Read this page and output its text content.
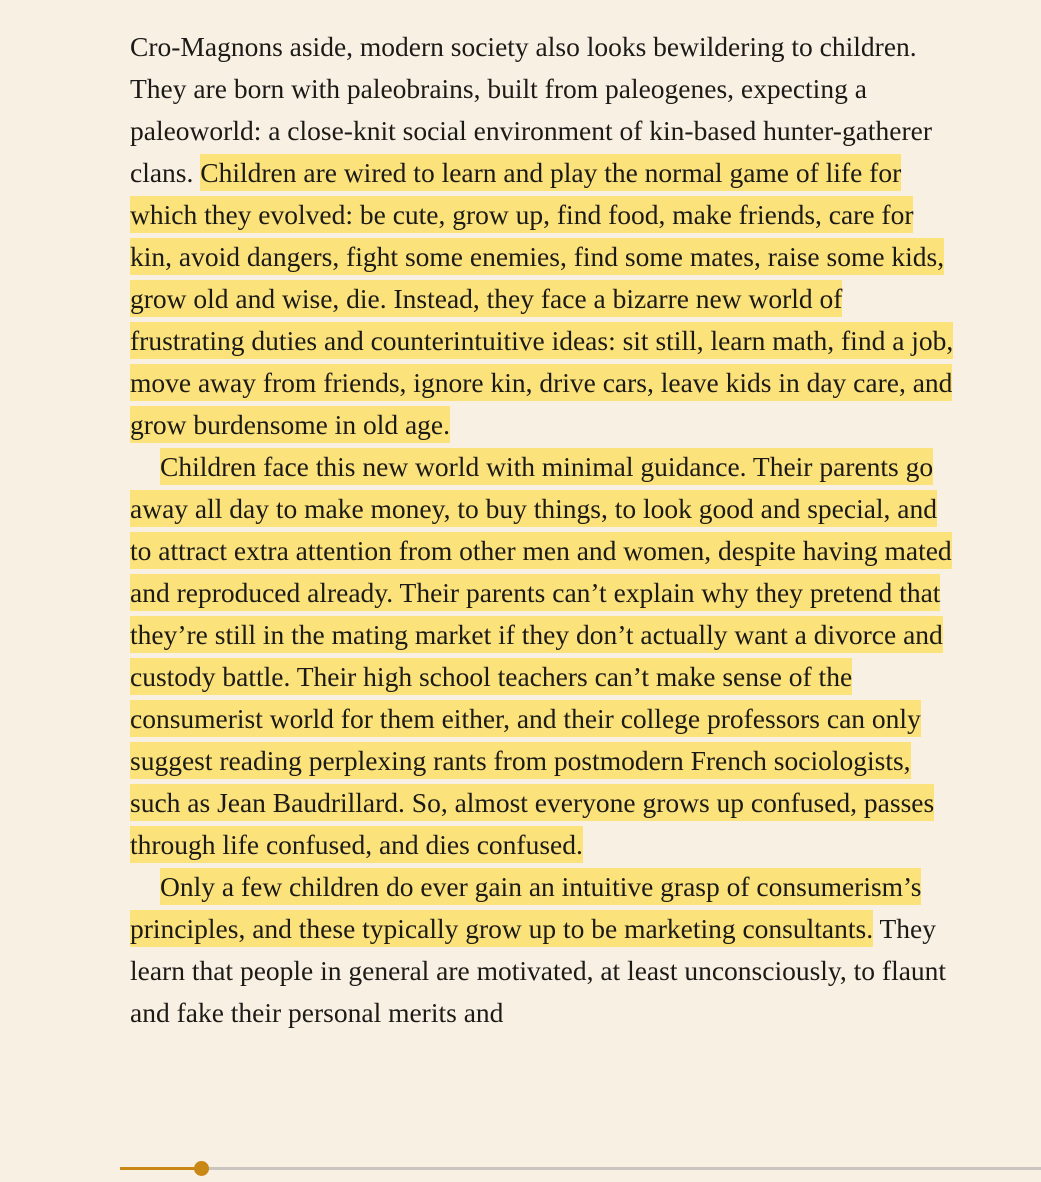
Cro-Magnons aside, modern society also looks bewildering to children. They are born with paleobrains, built from paleogenes, expecting a paleoworld: a close-knit social environment of kin-based hunter-gatherer clans. Children are wired to learn and play the normal game of life for which they evolved: be cute, grow up, find food, make friends, care for kin, avoid dangers, fight some enemies, find some mates, raise some kids, grow old and wise, die. Instead, they face a bizarre new world of frustrating duties and counterintuitive ideas: sit still, learn math, find a job, move away from friends, ignore kin, drive cars, leave kids in day care, and grow burdensome in old age.

Children face this new world with minimal guidance. Their parents go away all day to make money, to buy things, to look good and special, and to attract extra attention from other men and women, despite having mated and reproduced already. Their parents can’t explain why they pretend that they’re still in the mating market if they don’t actually want a divorce and custody battle. Their high school teachers can’t make sense of the consumerist world for them either, and their college professors can only suggest reading perplexing rants from postmodern French sociologists, such as Jean Baudrillard. So, almost everyone grows up confused, passes through life confused, and dies confused.

Only a few children do ever gain an intuitive grasp of consumerism’s principles, and these typically grow up to be marketing consultants. They learn that people in general are motivated, at least unconsciously, to flaunt and fake their personal merits and
